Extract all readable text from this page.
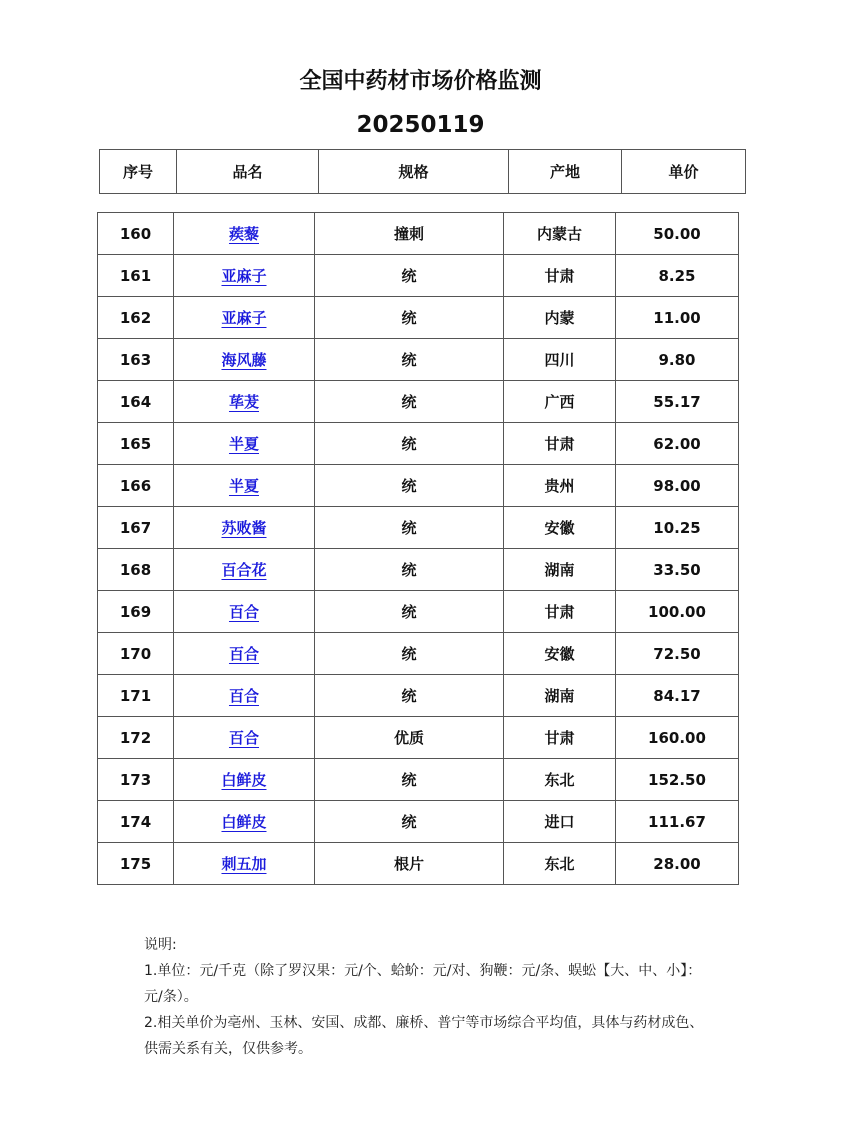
全国中药材市场价格监测
20250119
序号	品名	规格	产地	单价
160	蒺藜	撞刺	内蒙古	50.00
161	亚麻子	统	甘肃	8.25
162	亚麻子	统	内蒙	11.00
163	海风藤	统	四川	9.80
164	荜茇	统	广西	55.17
165	半夏	统	甘肃	62.00
166	半夏	统	贵州	98.00
167	苏败酱	统	安徽	10.25
168	百合花	统	湖南	33.50
169	百合	统	甘肃	100.00
170	百合	统	安徽	72.50
171	百合	统	湖南	84.17
172	百合	优质	甘肃	160.00
173	白鲜皮	统	东北	152.50
174	白鲜皮	统	进口	111.67
175	刺五加	根片	东北	28.00

说明:

1.单位：元/千克（除了罗汉果：元/个、蛤蚧：元/对、狗鞭：元/条、蜈蚣【大、中、小】：元/条）。

2.相关单价为亳州、玉林、安国、成都、廉桥、普宁等市场综合平均值，具体与药材成色、供需关系有关，仅供参考。
